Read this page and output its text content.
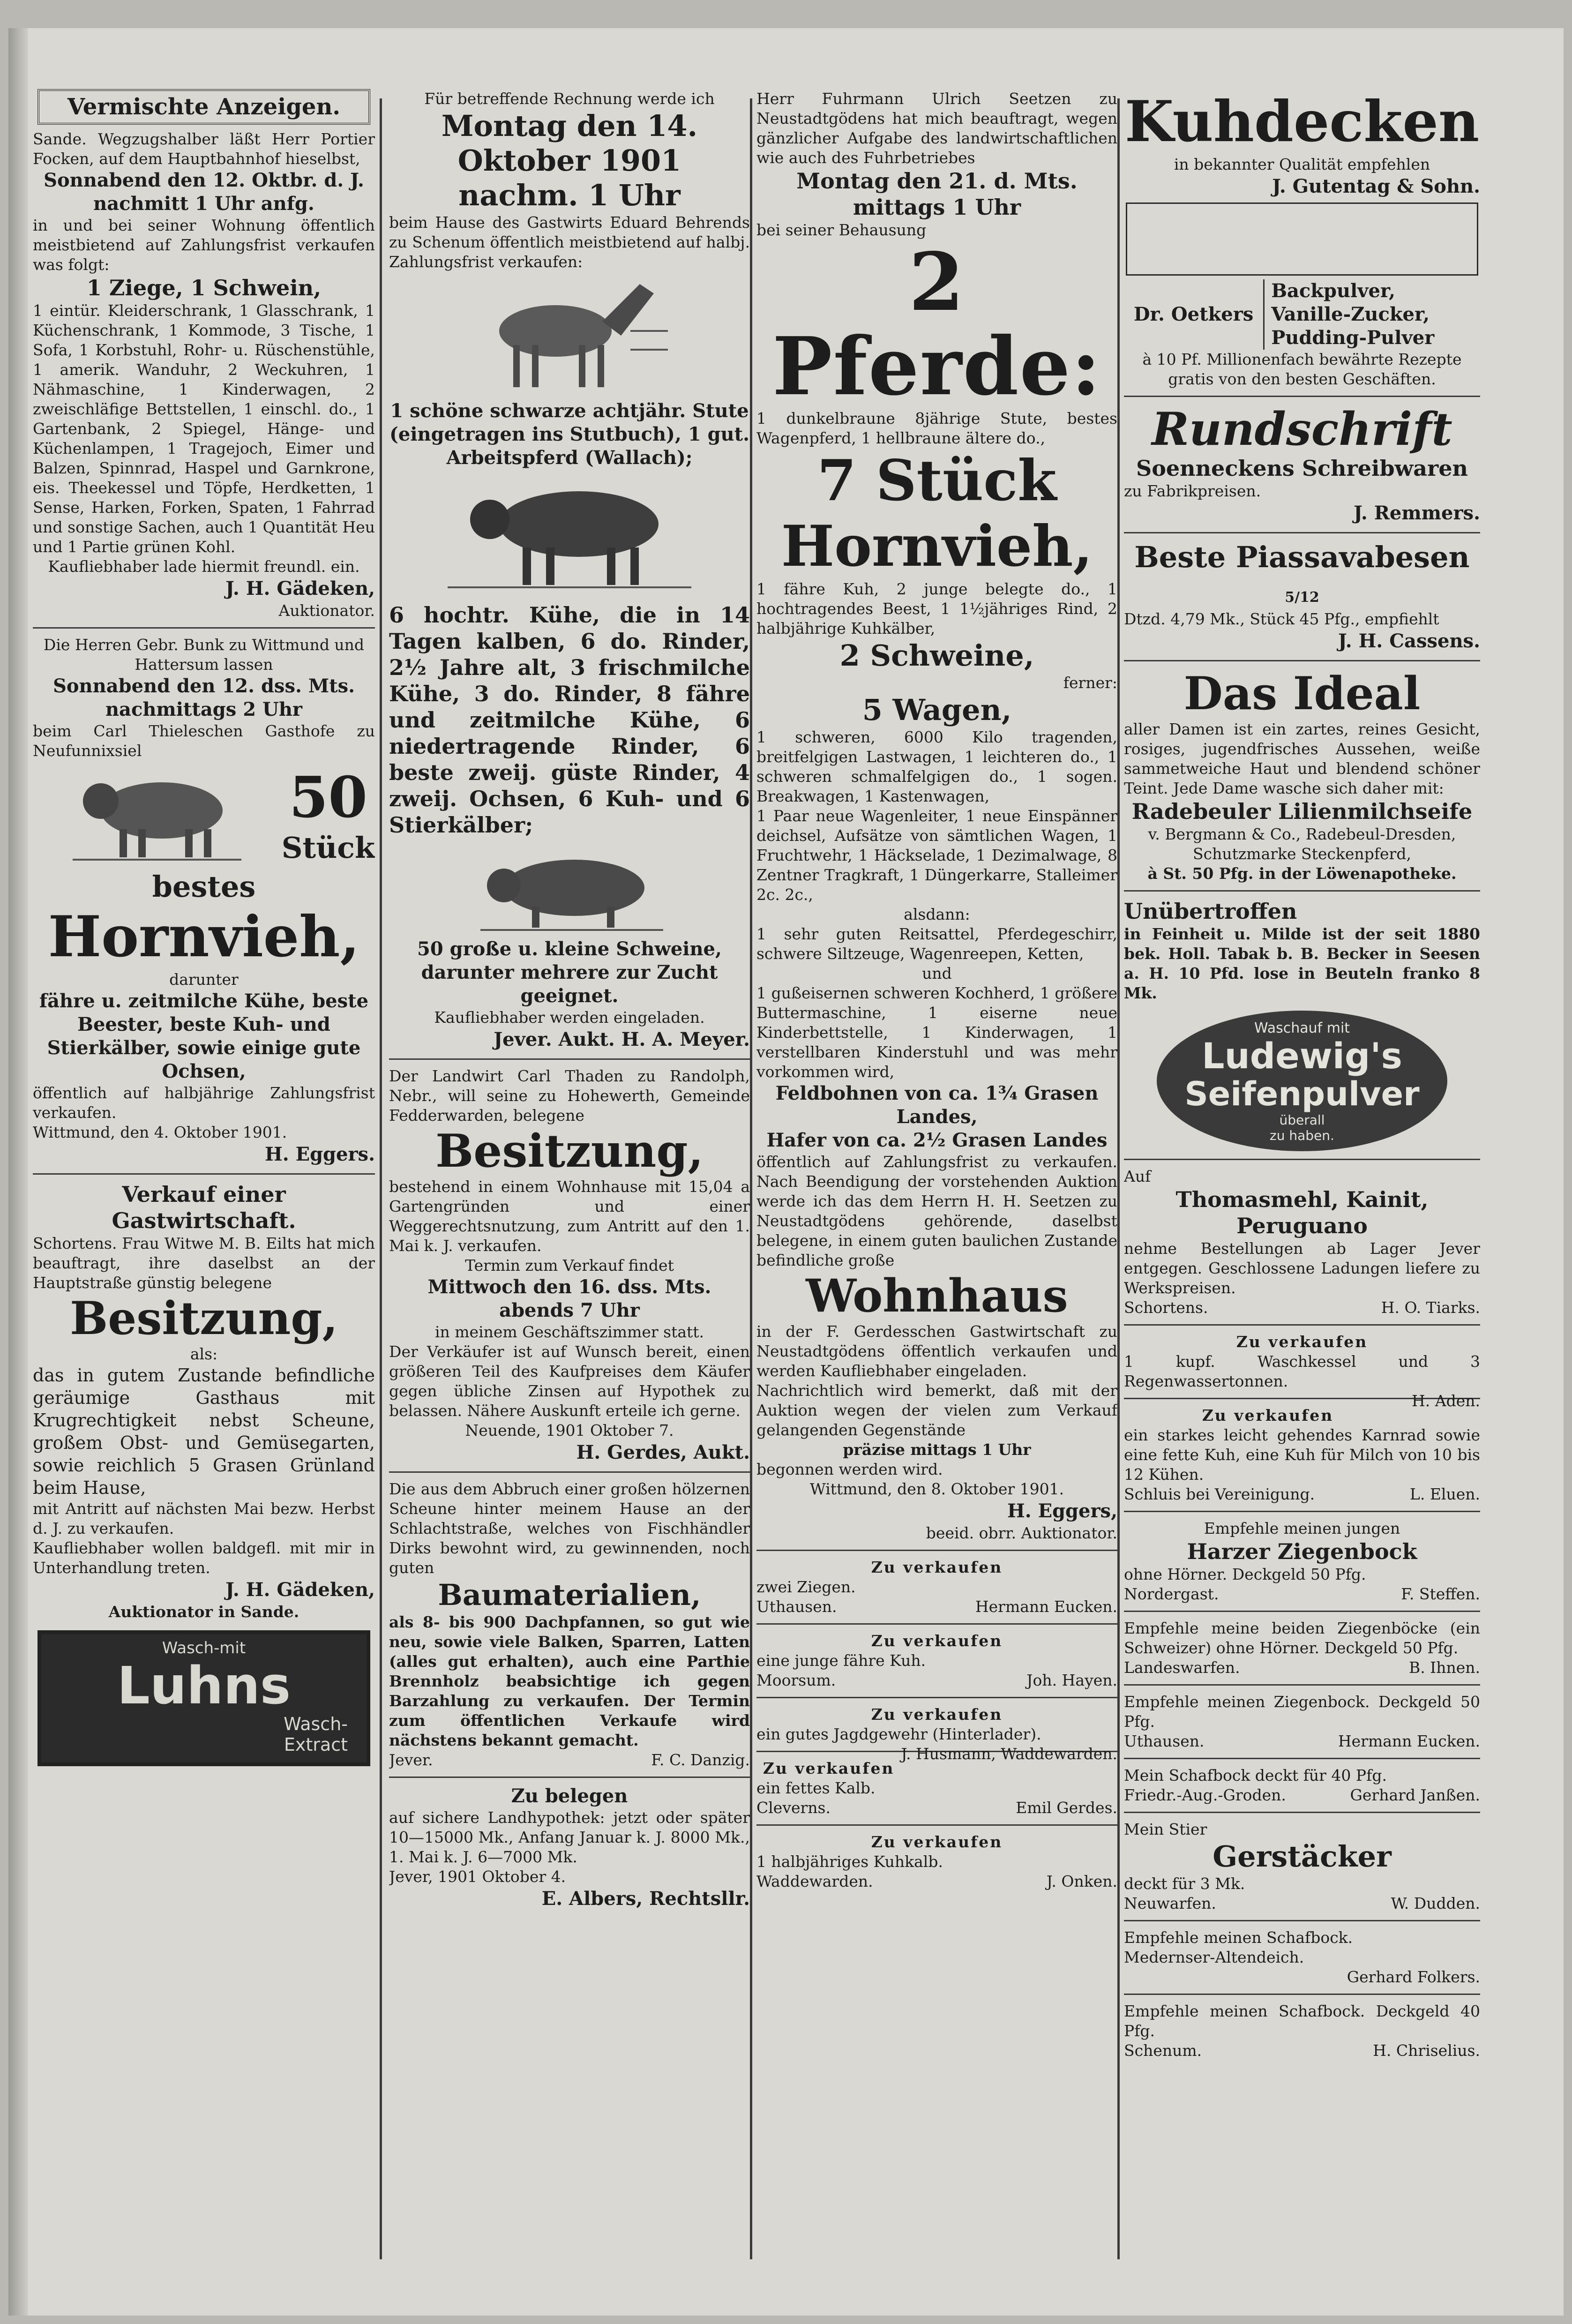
Vermischte Anzeigen.

Sande. Wegzugshalber läßt Herr Portier Focken, auf dem Hauptbahnhof hieselbst,

Sonnabend den 12. Oktbr. d. J.

nachmitt 1 Uhr anfg.

in und bei seiner Wohnung öffentlich meistbietend auf Zahlungsfrist verkaufen was folgt:

1 Ziege, 1 Schwein,

1 eintür. Kleiderschrank, 1 Glasschrank, 1 Küchenschrank, 1 Kommode, 3 Tische, 1 Sofa, 1 Korbstuhl, Rohr- u. Rüschenstühle, 1 amerik. Wanduhr, 2 Weckuhren, 1 Nähmaschine, 1 Kinderwagen, 2 zweischläfige Bettstellen, 1 einschl. do., 1 Gartenbank, 2 Spiegel, Hänge- und Küchenlampen, 1 Tragejoch, Eimer und Balzen, Spinnrad, Haspel und Garnkrone, eis. Theekessel und Töpfe, Herdketten, 1 Sense, Harken, Forken, Spaten, 1 Fahrrad und sonstige Sachen, auch 1 Quantität Heu und 1 Partie grünen Kohl.

Kaufliebhaber lade hiermit freundl. ein.

J. H. Gädeken,

Auktionator.

Die Herren Gebr. Bunk zu Wittmund und Hattersum lassen

Sonnabend den 12. dss. Mts.

nachmittags 2 Uhr

beim Carl Thieleschen Gasthofe zu Neufunnixsiel

50

Stück

bestes

Hornvieh,

darunter

fähre u. zeitmilche Kühe, beste Beester, beste Kuh- und Stierkälber, sowie einige gute Ochsen,

öffentlich auf halbjährige Zahlungsfrist verkaufen.

Wittmund, den 4. Oktober 1901.

H. Eggers.

Verkauf einer Gastwirtschaft.

Schortens. Frau Witwe M. B. Eilts hat mich beauftragt, ihre daselbst an der Hauptstraße günstig belegene

Besitzung,

als:

das in gutem Zustande befindliche geräumige Gasthaus mit Krugrechtigkeit nebst Scheune, großem Obst- und Gemüsegarten, sowie reichlich 5 Grasen Grünland beim Hause,

mit Antritt auf nächsten Mai bezw. Herbst d. J. zu verkaufen.

Kaufliebhaber wollen baldgefl. mit mir in Unterhandlung treten.

J. H. Gädeken,

Auktionator in Sande.

Wasch-mit

Luhns

Wasch-

Extract

Für betreffende Rechnung werde ich

Montag den 14. Oktober 1901

nachm. 1 Uhr

beim Hause des Gastwirts Eduard Behrends zu Schenum öffentlich meistbietend auf halbj. Zahlungsfrist verkaufen:

1 schöne schwarze achtjähr. Stute (eingetragen ins Stutbuch), 1 gut. Arbeitspferd (Wallach);

6 hochtr. Kühe, die in 14 Tagen kalben, 6 do. Rinder, 2½ Jahre alt, 3 frischmilche Kühe, 3 do. Rinder, 8 fähre und zeitmilche Kühe, 6 niedertragende Rinder, 6 beste zweij. güste Rinder, 4 zweij. Ochsen, 6 Kuh- und 6 Stierkälber;

50 große u. kleine Schweine, darunter mehrere zur Zucht geeignet.

Kaufliebhaber werden eingeladen.

Jever. Aukt. H. A. Meyer.

Der Landwirt Carl Thaden zu Randolph, Nebr., will seine zu Hohewerth, Gemeinde Fedderwarden, belegene

Besitzung,

bestehend in einem Wohnhause mit 15,04 a Gartengründen und einer Weggerechtsnutzung, zum Antritt auf den 1. Mai k. J. verkaufen.

Termin zum Verkauf findet

Mittwoch den 16. dss. Mts.

abends 7 Uhr

in meinem Geschäftszimmer statt.

Der Verkäufer ist auf Wunsch bereit, einen größeren Teil des Kaufpreises dem Käufer gegen übliche Zinsen auf Hypothek zu belassen. Nähere Auskunft erteile ich gerne.

Neuende, 1901 Oktober 7.

H. Gerdes, Aukt.

Die aus dem Abbruch einer großen hölzernen Scheune hinter meinem Hause an der Schlachtstraße, welches von Fischhändler Dirks bewohnt wird, zu gewinnenden, noch guten

Baumaterialien,

als 8- bis 900 Dachpfannen, so gut wie neu, sowie viele Balken, Sparren, Latten (alles gut erhalten), auch eine Parthie Brennholz beabsichtige ich gegen Barzahlung zu verkaufen. Der Termin zum öffentlichen Verkaufe wird nächstens bekannt gemacht.

Jever.	F. C. Danzig.

Zu belegen

auf sichere Landhypothek: jetzt oder später 10—15000 Mk., Anfang Januar k. J. 8000 Mk., 1. Mai k. J. 6—7000 Mk.

Jever, 1901 Oktober 4.

E. Albers, Rechtsllr.

Herr Fuhrmann Ulrich Seetzen zu Neustadtgödens hat mich beauftragt, wegen gänzlicher Aufgabe des landwirtschaftlichen wie auch des Fuhrbetriebes

Montag den 21. d. Mts.

mittags 1 Uhr

bei seiner Behausung

2 Pferde:

1 dunkelbraune 8jährige Stute, bestes Wagenpferd, 1 hellbraune ältere do.,

7 Stück

Hornvieh,

1 fähre Kuh, 2 junge belegte do., 1 hochtragendes Beest, 1 1½jähriges Rind, 2 halbjährige Kuhkälber,

2 Schweine,

ferner:

5 Wagen,

1 schweren, 6000 Kilo tragenden, breitfelgigen Lastwagen, 1 leichteren do., 1 schweren schmalfelgigen do., 1 sogen. Breakwagen, 1 Kastenwagen,

1 Paar neue Wagenleiter, 1 neue Einspänner deichsel, Aufsätze von sämtlichen Wagen, 1 Fruchtwehr, 1 Häckselade, 1 Dezimalwage, 8 Zentner Tragkraft, 1 Düngerkarre, Stalleimer 2c. 2c.,

alsdann:

1 sehr guten Reitsattel, Pferdegeschirr, schwere Siltzeuge, Wagenreepen, Ketten,

und

1 gußeisernen schweren Kochherd, 1 größere Buttermaschine, 1 eiserne neue Kinderbettstelle, 1 Kinderwagen, 1 verstellbaren Kinderstuhl und was mehr vorkommen wird,

Feldbohnen von ca. 1¾ Grasen Landes,

Hafer von ca. 2½ Grasen Landes

öffentlich auf Zahlungsfrist zu verkaufen. Nach Beendigung der vorstehenden Auktion werde ich das dem Herrn H. H. Seetzen zu Neustadtgödens gehörende, daselbst belegene, in einem guten baulichen Zustande befindliche große

Wohnhaus

in der F. Gerdesschen Gastwirtschaft zu Neustadtgödens öffentlich verkaufen und werden Kaufliebhaber eingeladen.

Nachrichtlich wird bemerkt, daß mit der Auktion wegen der vielen zum Verkauf gelangenden Gegenstände

präzise mittags 1 Uhr

begonnen werden wird.

Wittmund, den 8. Oktober 1901.

H. Eggers,

beeid. obrr. Auktionator.

Zu verkaufen

zwei Ziegen.

Uthausen.	Hermann Eucken.

Zu verkaufen

eine junge fähre Kuh.

Moorsum.	Joh. Hayen.

Zu verkaufen

ein gutes Jagdgewehr (Hinterlader).

J. Husmann, Waddewarden.

Zu verkaufen

ein fettes Kalb.

Cleverns.	Emil Gerdes.

Zu verkaufen

1 halbjähriges Kuhkalb.

Waddewarden.	J. Onken.

Kuhdecken

in bekannter Qualität empfehlen

J. Gutentag & Sohn.

Dr. Oetkers

Backpulver, Vanille-Zucker, Pudding-Pulver

à 10 Pf. Millionenfach bewährte Rezepte gratis von den besten Geschäften.

Rundschrift

Soenneckens Schreibwaren

zu Fabrikpreisen.

J. Remmers.

Beste Piassavabesen 5/12

Dtzd. 4,79 Mk., Stück 45 Pfg., empfiehlt

J. H. Cassens.

Das Ideal

aller Damen ist ein zartes, reines Gesicht, rosiges, jugendfrisches Aussehen, weiße sammetweiche Haut und blendend schöner Teint. Jede Dame wasche sich daher mit:

Radebeuler Lilienmilchseife

v. Bergmann & Co., Radebeul-Dresden, Schutzmarke Steckenpferd,

à St. 50 Pfg. in der Löwenapotheke.

Unübertroffen

in Feinheit u. Milde ist der seit 1880 bek. Holl. Tabak b. B. Becker in Seesen a. H. 10 Pfd. lose in Beuteln franko 8 Mk.

Waschauf mit

Ludewig's

Seifenpulver

überall

zu haben.

Auf

Thomasmehl, Kainit, Peruguano

nehme Bestellungen ab Lager Jever entgegen. Geschlossene Ladungen liefere zu Werkspreisen.

Schortens.	H. O. Tiarks.

Zu verkaufen

1 kupf. Waschkessel und 3 Regenwassertonnen.

H. Aden.

Zu verkaufen

ein starkes leicht gehendes Karnrad sowie eine fette Kuh, eine Kuh für Milch von 10 bis 12 Kühen.

Schluis bei Vereinigung.	L. Eluen.

Empfehle meinen jungen

Harzer Ziegenbock

ohne Hörner. Deckgeld 50 Pfg.

Nordergast.	F. Steffen.

Empfehle meine beiden Ziegenböcke (ein Schweizer) ohne Hörner. Deckgeld 50 Pfg.

Landeswarfen.	B. Ihnen.

Empfehle meinen Ziegenbock. Deckgeld 50 Pfg.

Uthausen.	Hermann Eucken.

Mein Schafbock deckt für 40 Pfg.

Friedr.-Aug.-Groden.	Gerhard Janßen.

Mein Stier

Gerstäcker

deckt für 3 Mk.

Neuwarfen.	W. Dudden.

Empfehle meinen Schafbock.

Medernser-Altendeich.

Gerhard Folkers.

Empfehle meinen Schafbock. Deckgeld 40 Pfg.

Schenum.	H. Chriselius.
